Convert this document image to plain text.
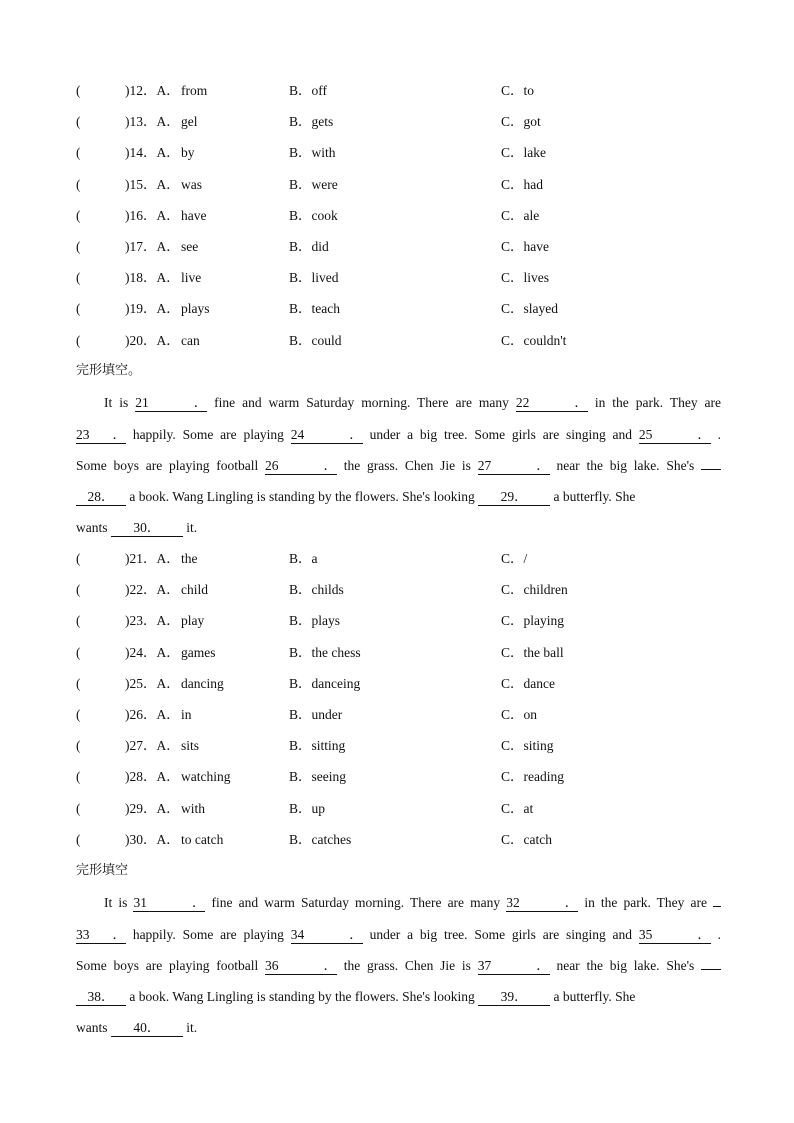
(	)12．A． from	B．off	C．to
(	)13．A． gel	B．gets	C．got
(	)14．A． by	B．with	C．lake
(	)15．A． was	B．were	C．had
(	)16．A． have	B．cook	C．ale
(	)17．A． see	B．did	C．have
(	)18．A． live	B．lived	C．lives
(	)19．A． plays	B．teach	C．slayed
(	)20．A． can	B．could	C．couldn't
完形填空。
It is 21． fine and warm Saturday morning. There are many 22． in the park. They are
23． happily. Some are playing 24． under a big tree. Some girls are singing and 25． .
Some boys are playing football 26． the grass. Chen Jie is 27． near the big lake. She's
28． a book. Wang Lingling is standing by the flowers. She's looking 29． a butterfly. She
wants 30． it.
(	)21．A． the	B．a	C．/
(	)22．A． child	B．childs	C．children
(	)23．A． play	B．plays	C．playing
(	)24．A． games	B．the chess	C．the ball
(	)25．A． dancing	B．danceing	C．dance
(	)26．A． in	B．under	C．on
(	)27．A． sits	B．sitting	C．siting
(	)28．A． watching	B．seeing	C．reading
(	)29．A． with	B．up	C．at
(	)30．A． to catch	B．catches	C．catch
完形填空
It is 31． fine and warm Saturday morning. There are many 32． in the park. They are
33． happily. Some are playing 34． under a big tree. Some girls are singing and 35． .
Some boys are playing football 36． the grass. Chen Jie is 37． near the big lake. She's
38． a book. Wang Lingling is standing by the flowers. She's looking 39． a butterfly. She
wants 40． it.
